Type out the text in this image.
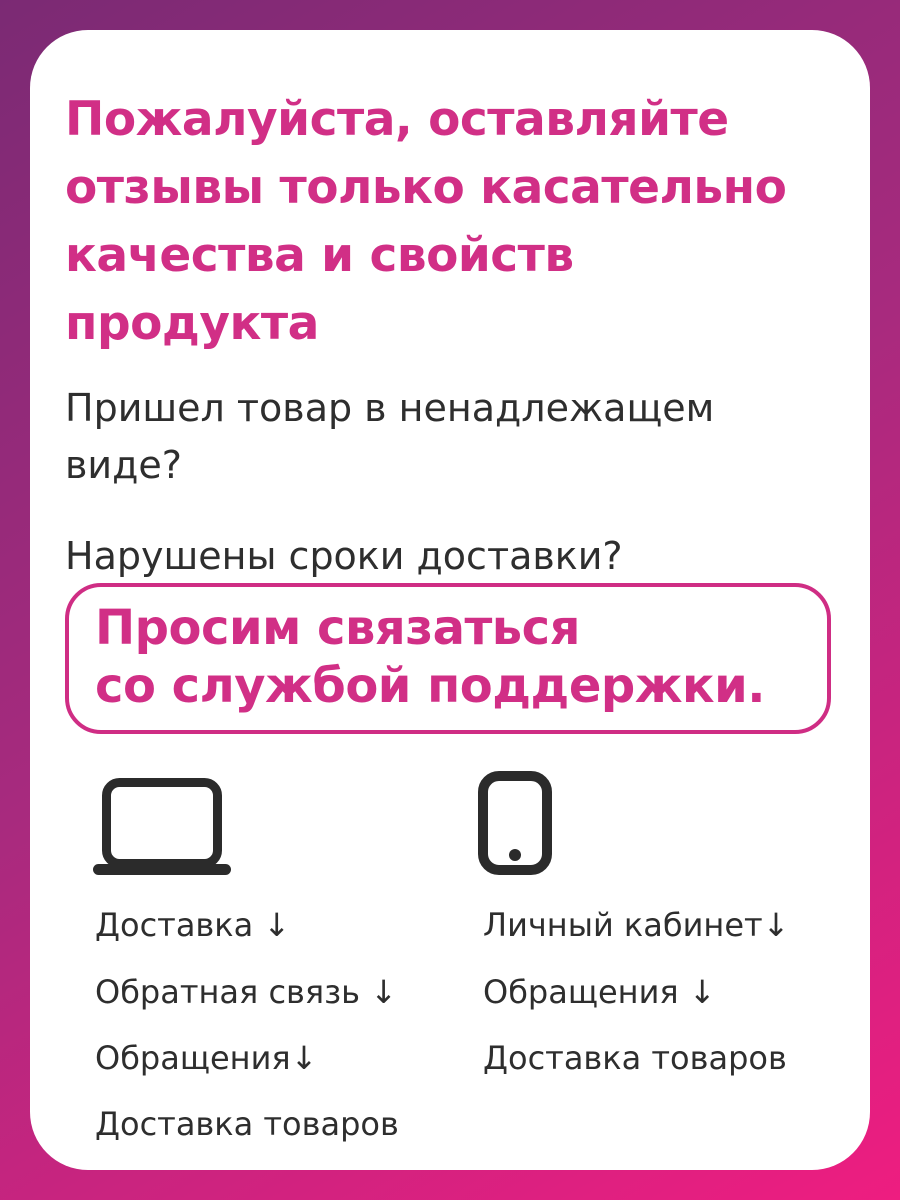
Пожалуйста, оставляйте
отзывы только касательно
качества и свойств
продукта
Пришел товар в ненадлежащем
виде?
Нарушены сроки доставки?
Просим связаться
со службой поддержки.
Доставка ↓
Обратная связь ↓
Обращения↓
Доставка товаров
Личный кабинет↓
Обращения ↓
Доставка товаров
